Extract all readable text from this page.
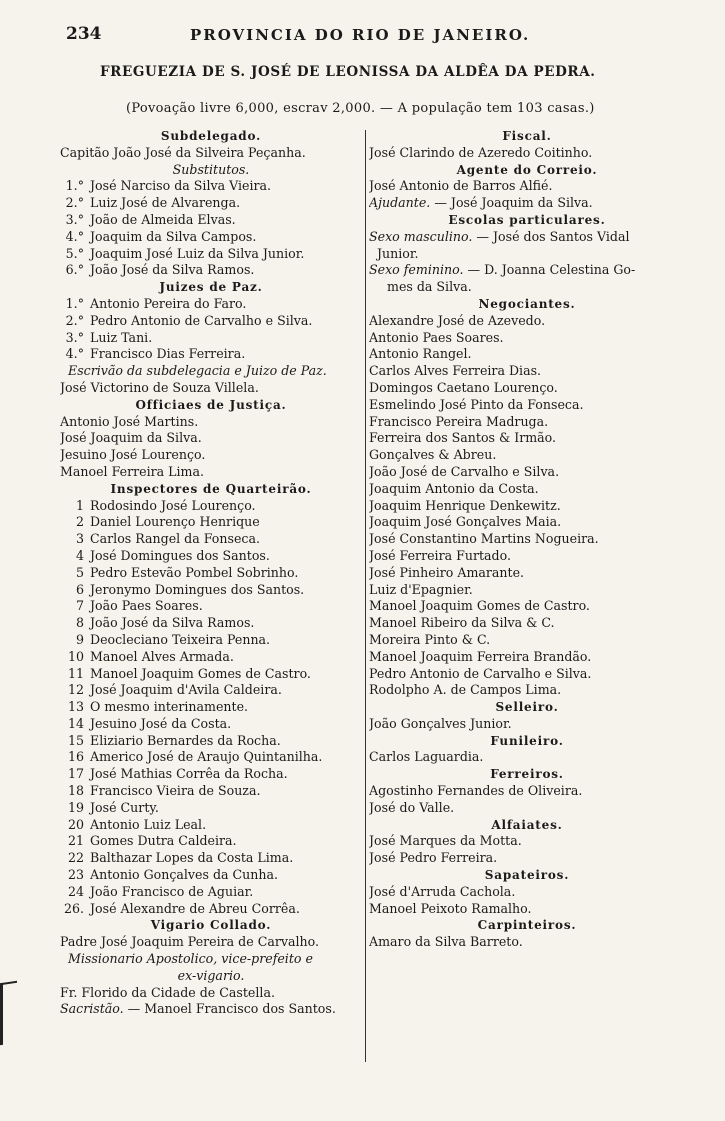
234	PROVINCIA DO RIO DE JANEIRO.
FREGUEZIA DE S. JOSÉ DE LEONISSA DA ALDÊA DA PEDRA.
(Povoação livre 6,000, escrav 2,000. — A população tem 103 casas.)
Subdelegado.
Capitão João José da Silveira Peçanha.
Substitutos.
1.° José Narciso da Silva Vieira.
2.° Luiz José de Alvarenga.
3.° João de Almeida Elvas.
4.° Joaquim da Silva Campos.
5.° Joaquim José Luiz da Silva Junior.
6.° João José da Silva Ramos.
Juizes de Paz.
1.° Antonio Pereira do Faro.
2.° Pedro Antonio de Carvalho e Silva.
3.° Luiz Tani.
4.° Francisco Dias Ferreira.
Escrivão da subdelegacia e Juizo de Paz.
José Victorino de Souza Villela.
Officiaes de Justiça.
Antonio José Martins.
José Joaquim da Silva.
Jesuino José Lourenço.
Manoel Ferreira Lima.
Inspectores de Quarteirão.
1 Rodosindo José Lourenço.
2 Daniel Lourenço Henrique
3 Carlos Rangel da Fonseca.
4 José Domingues dos Santos.
5 Pedro Estevão Pombel Sobrinho.
6 Jeronymo Domingues dos Santos.
7 João Paes Soares.
8 João José da Silva Ramos.
9 Deocleciano Teixeira Penna.
10 Manoel Alves Armada.
11 Manoel Joaquim Gomes de Castro.
12 José Joaquim d'Avila Caldeira.
13 O mesmo interinamente.
14 Jesuino José da Costa.
15 Eliziario Bernardes da Rocha.
16 Americo José de Araujo Quintanilha.
17 José Mathias Corrêa da Rocha.
18 Francisco Vieira de Souza.
19 José Curty.
20 Antonio Luiz Leal.
21 Gomes Dutra Caldeira.
22 Balthazar Lopes da Costa Lima.
23 Antonio Gonçalves da Cunha.
24 João Francisco de Aguiar.
26. José Alexandre de Abreu Corrêa.
Vigario Collado.
Padre José Joaquim Pereira de Carvalho.
Missionario Apostolico, vice-prefeito e
ex-vigario.
Fr. Florido da Cidade de Castella.
Sacristão. — Manoel Francisco dos Santos.
Fiscal.
José Clarindo de Azeredo Coitinho.
Agente do Correio.
José Antonio de Barros Alfié.
Ajudante. — José Joaquim da Silva.
Escolas particulares.
Sexo masculino. — José dos Santos Vidal
Junior.
Sexo feminino. — D. Joanna Celestina Go-
mes da Silva.
Negociantes.
Alexandre José de Azevedo.
Antonio Paes Soares.
Antonio Rangel.
Carlos Alves Ferreira Dias.
Domingos Caetano Lourenço.
Esmelindo José Pinto da Fonseca.
Francisco Pereira Madruga.
Ferreira dos Santos & Irmão.
Gonçalves & Abreu.
João José de Carvalho e Silva.
Joaquim Antonio da Costa.
Joaquim Henrique Denkewitz.
Joaquim José Gonçalves Maia.
José Constantino Martins Nogueira.
José Ferreira Furtado.
José Pinheiro Amarante.
Luiz d'Epagnier.
Manoel Joaquim Gomes de Castro.
Manoel Ribeiro da Silva & C.
Moreira Pinto & C.
Manoel Joaquim Ferreira Brandão.
Pedro Antonio de Carvalho e Silva.
Rodolpho A. de Campos Lima.
Selleiro.
João Gonçalves Junior.
Funileiro.
Carlos Laguardia.
Ferreiros.
Agostinho Fernandes de Oliveira.
José do Valle.
Alfaiates.
José Marques da Motta.
José Pedro Ferreira.
Sapateiros.
José d'Arruda Cachola.
Manoel Peixoto Ramalho.
Carpinteiros.
Amaro da Silva Barreto.
